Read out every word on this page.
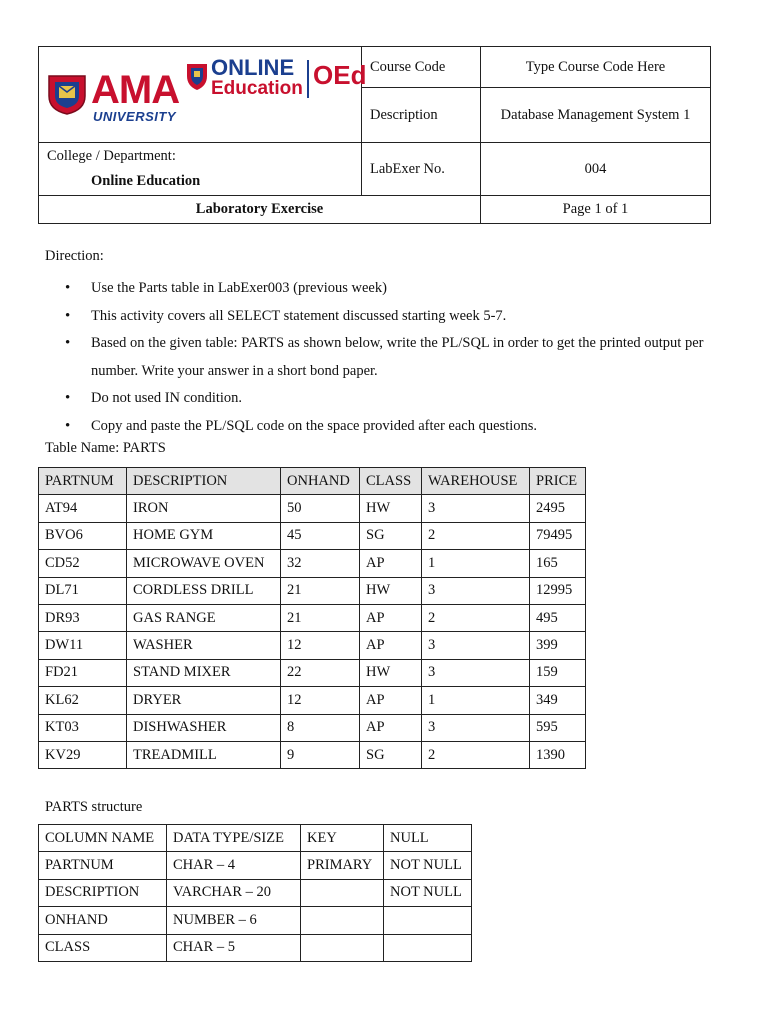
AMA
UNIVERSITY
ONLINE
Education OEd	Course Code	Type Course Code Here
	Description	Database Management System 1
College / Department:
Online Education	LabExer No.	004
Laboratory Exercise		Page 1 of 1

Direction:

• Use the Parts table in LabExer003 (previous week)
• This activity covers all SELECT statement discussed starting week 5-7.
• Based on the given table: PARTS as shown below, write the PL/SQL in order to get the printed output per number. Write your answer in a short bond paper.
• Do not used IN condition.
• Copy and paste the PL/SQL code on the space provided after each questions.

Table Name: PARTS

PARTNUM	DESCRIPTION	ONHAND	CLASS	WAREHOUSE	PRICE
AT94	IRON	50	HW	3	2495
BVO6	HOME GYM	45	SG	2	79495
CD52	MICROWAVE OVEN	32	AP	1	165
DL71	CORDLESS DRILL	21	HW	3	12995
DR93	GAS RANGE	21	AP	2	495
DW11	WASHER	12	AP	3	399
FD21	STAND MIXER	22	HW	3	159
KL62	DRYER	12	AP	1	349
KT03	DISHWASHER	8	AP	3	595
KV29	TREADMILL	9	SG	2	1390

PARTS structure

COLUMN NAME	DATA TYPE/SIZE	KEY	NULL
PARTNUM	CHAR – 4	PRIMARY	NOT NULL
DESCRIPTION	VARCHAR – 20		NOT NULL
ONHAND	NUMBER – 6		
CLASS	CHAR – 5		
